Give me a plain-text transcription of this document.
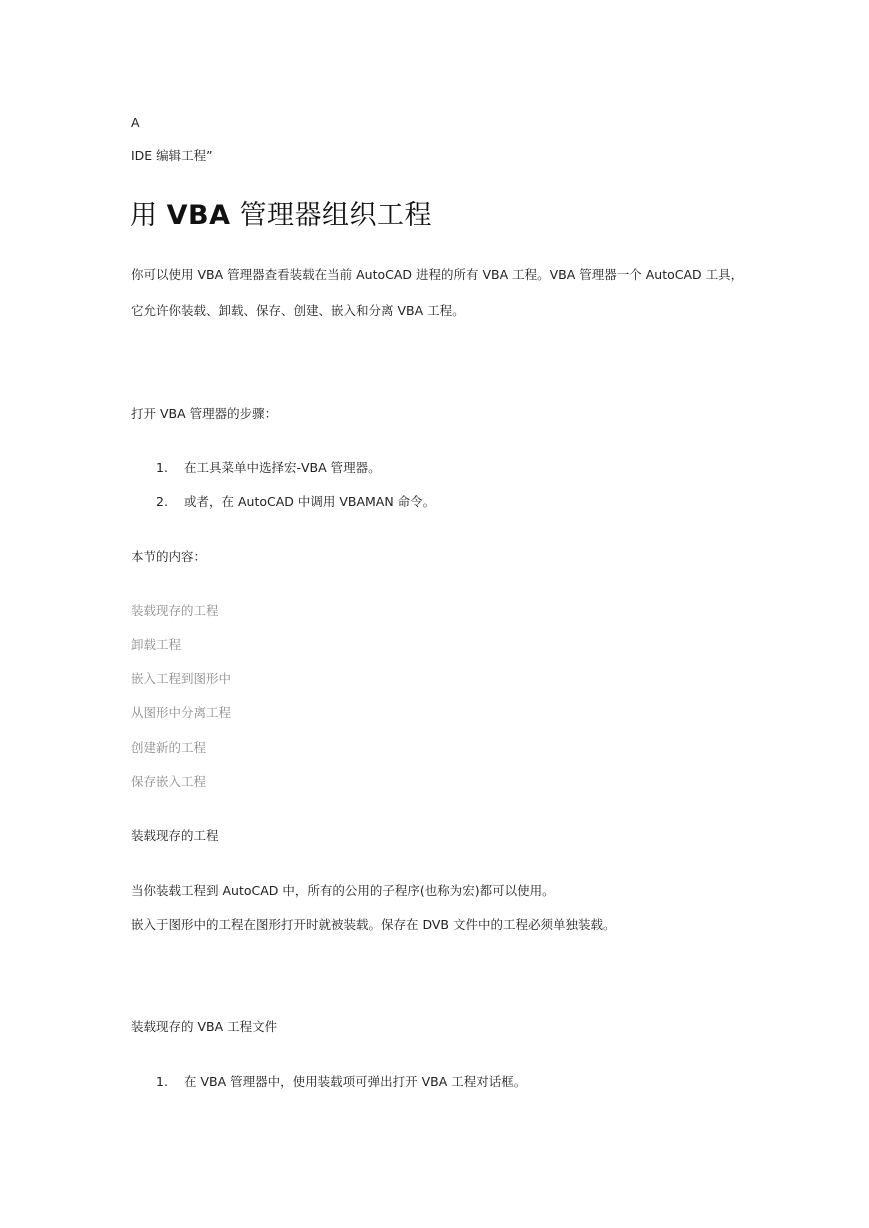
A
IDE 编辑工程”
用 VBA 管理器组织工程
你可以使用 VBA 管理器查看装载在当前 AutoCAD 进程的所有 VBA 工程。VBA 管理器一个 AutoCAD 工具，
它允许你装载、卸载、保存、创建、嵌入和分离 VBA 工程。
打开 VBA 管理器的步骤：
1. 在工具菜单中选择宏-VBA 管理器。
2. 或者，在 AutoCAD 中调用 VBAMAN 命令。
本节的内容：
装载现存的工程
卸载工程
嵌入工程到图形中
从图形中分离工程
创建新的工程
保存嵌入工程
装载现存的工程
当你装载工程到 AutoCAD 中，所有的公用的子程序(也称为宏)都可以使用。
嵌入于图形中的工程在图形打开时就被装载。保存在 DVB 文件中的工程必须单独装载。
装载现存的 VBA 工程文件
1. 在 VBA 管理器中，使用装载项可弹出打开 VBA 工程对话框。
